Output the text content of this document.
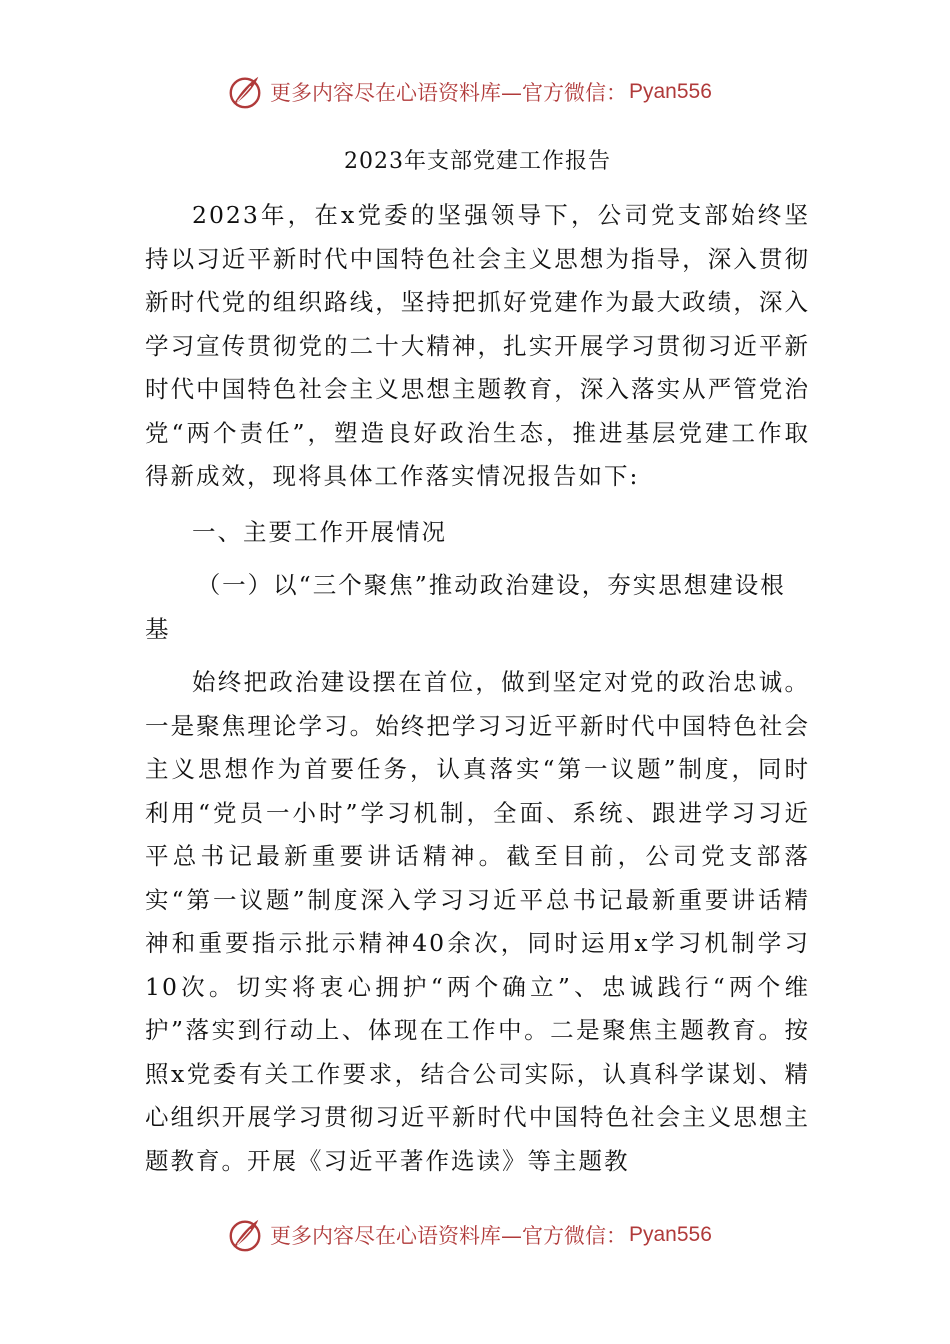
更多内容尽在心语资料库—官方微信： Pyan556
2023年支部党建工作报告

2023年，在x党委的坚强领导下，公司党支部始终坚持以习近平新时代中国特色社会主义思想为指导，深入贯彻新时代党的组织路线，坚持把抓好党建作为最大政绩，深入学习宣传贯彻党的二十大精神，扎实开展学习贯彻习近平新时代中国特色社会主义思想主题教育，深入落实从严管党治党“两个责任”，塑造良好政治生态，推进基层党建工作取得新成效，现将具体工作落实情况报告如下:

一、主要工作开展情况

（一）以“三个聚焦”推动政治建设，夯实思想建设根基

始终把政治建设摆在首位，做到坚定对党的政治忠诚。一是聚焦理论学习。始终把学习习近平新时代中国特色社会主义思想作为首要任务，认真落实“第一议题”制度，同时利用“党员一小时”学习机制，全面、系统、跟进学习习近平总书记最新重要讲话精神。截至目前，公司党支部落实“第一议题”制度深入学习习近平总书记最新重要讲话精神和重要指示批示精神40余次，同时运用x学习机制学习10次。切实将衷心拥护“两个确立”、忠诚践行“两个维护”落实到行动上、体现在工作中。二是聚焦主题教育。按照x党委有关工作要求，结合公司实际，认真科学谋划、精心组织开展学习贯彻习近平新时代中国特色社会主义思想主题教育。开展《习近平著作选读》等主题教

更多内容尽在心语资料库—官方微信： Pyan556
